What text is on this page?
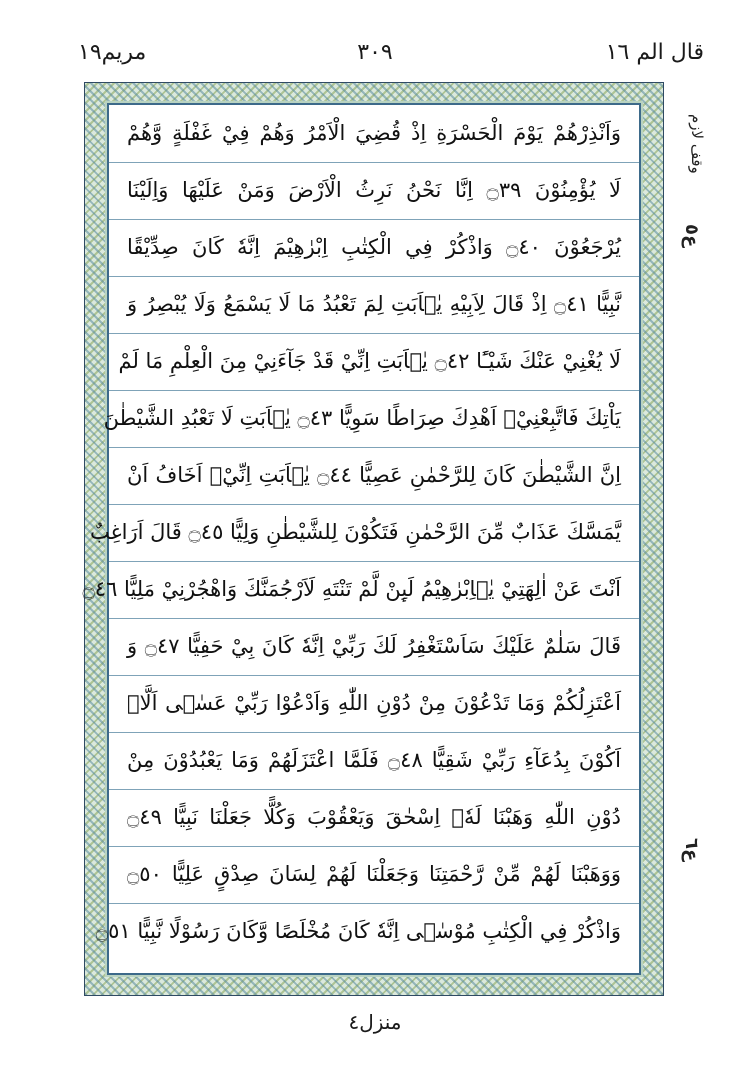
قال الم ١٦
٣٠٩
مريم١٩
وقف لازم
ع٥
ع٦
وَاَنْذِرْهُمْ يَوْمَ الْحَسْرَةِ اِذْ قُضِيَ الْاَمْرُ وَهُمْ فِيْ غَفْلَةٍ وَّهُمْ
لَا يُؤْمِنُوْنَ ۝٣٩ اِنَّا نَحْنُ نَرِثُ الْاَرْضَ وَمَنْ عَلَيْهَا وَاِلَيْنَا
يُرْجَعُوْنَ ۝٤٠ وَاذْكُرْ فِي الْكِتٰبِ اِبْرٰهِيْمَ اِنَّهٗ كَانَ صِدِّيْقًا
نَّبِيًّا ۝٤١ اِذْ قَالَ لِاَبِيْهِ يٰۤاَبَتِ لِمَ تَعْبُدُ مَا لَا يَسْمَعُ وَلَا يُبْصِرُ وَ
لَا يُغْنِيْ عَنْكَ شَيْـًٔا ۝٤٢ يٰۤاَبَتِ اِنِّيْ قَدْ جَآءَنِيْ مِنَ الْعِلْمِ مَا لَمْ
يَاْتِكَ فَاتَّبِعْنِيْۤ اَهْدِكَ صِرَاطًا سَوِيًّا ۝٤٣ يٰۤاَبَتِ لَا تَعْبُدِ الشَّيْطٰنَ
اِنَّ الشَّيْطٰنَ كَانَ لِلرَّحْمٰنِ عَصِيًّا ۝٤٤ يٰۤاَبَتِ اِنِّيْۤ اَخَافُ اَنْ
يَّمَسَّكَ عَذَابٌ مِّنَ الرَّحْمٰنِ فَتَكُوْنَ لِلشَّيْطٰنِ وَلِيًّا ۝٤٥ قَالَ اَرَاغِبٌ
اَنْتَ عَنْ اٰلِهَتِيْ يٰۤاِبْرٰهِيْمُ لَىِٕنْ لَّمْ تَنْتَهِ لَاَرْجُمَنَّكَ وَاهْجُرْنِيْ مَلِيًّا ۝٤٦
قَالَ سَلٰمٌ عَلَيْكَ سَاَسْتَغْفِرُ لَكَ رَبِّيْ اِنَّهٗ كَانَ بِيْ حَفِيًّا ۝٤٧ وَ
اَعْتَزِلُكُمْ وَمَا تَدْعُوْنَ مِنْ دُوْنِ اللّٰهِ وَاَدْعُوْا رَبِّيْ عَسٰۤى اَلَّاۤ
اَكُوْنَ بِدُعَآءِ رَبِّيْ شَقِيًّا ۝٤٨ فَلَمَّا اعْتَزَلَهُمْ وَمَا يَعْبُدُوْنَ مِنْ
دُوْنِ اللّٰهِ وَهَبْنَا لَهٗۤ اِسْحٰقَ وَيَعْقُوْبَ وَكُلًّا جَعَلْنَا نَبِيًّا ۝٤٩
وَوَهَبْنَا لَهُمْ مِّنْ رَّحْمَتِنَا وَجَعَلْنَا لَهُمْ لِسَانَ صِدْقٍ عَلِيًّا ۝٥٠
وَاذْكُرْ فِي الْكِتٰبِ مُوْسٰۤى اِنَّهٗ كَانَ مُخْلَصًا وَّكَانَ رَسُوْلًا نَّبِيًّا ۝٥١
منزل٤
